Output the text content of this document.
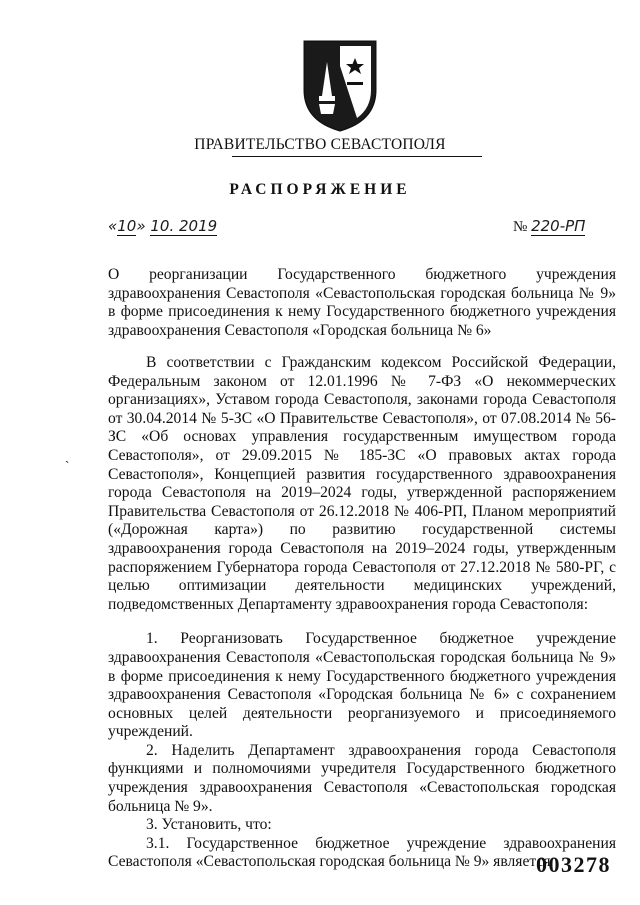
ПРАВИТЕЛЬСТВО СЕВАСТОПОЛЯ
РАСПОРЯЖЕНИЕ
«10» 10. 2019	№ 220-РП
О реорганизации Государственного бюджетного учреждения здравоохранения Севастополя «Севастопольская городская больница № 9» в форме присоединения к нему Государственного бюджетного учреждения здравоохранения Севастополя «Городская больница № 6»

В соответствии с Гражданским кодексом Российской Федерации, Федеральным законом от 12.01.1996 № 7-ФЗ «О некоммерческих организациях», Уставом города Севастополя, законами города Севастополя от 30.04.2014 № 5-ЗС «О Правительстве Севастополя», от 07.08.2014 № 56-ЗС «Об основах управления государственным имуществом города Севастополя», от 29.09.2015 № 185-ЗС «О правовых актах города Севастополя», Концепцией развития государственного здравоохранения города Севастополя на 2019–2024 годы, утвержденной распоряжением Правительства Севастополя от 26.12.2018 № 406-РП, Планом мероприятий («Дорожная карта») по развитию государственной системы здравоохранения города Севастополя на 2019–2024 годы, утвержденным распоряжением Губернатора города Севастополя от 27.12.2018 № 580-РГ, с целью оптимизации деятельности медицинских учреждений, подведомственных Департаменту здравоохранения города Севастополя:

1. Реорганизовать Государственное бюджетное учреждение здравоохранения Севастополя «Севастопольская городская больница № 9» в форме присоединения к нему Государственного бюджетного учреждения здравоохранения Севастополя «Городская больница № 6» с сохранением основных целей деятельности реорганизуемого и присоединяемого учреждений.

2. Наделить Департамент здравоохранения города Севастополя функциями и полномочиями учредителя Государственного бюджетного учреждения здравоохранения Севастополя «Севастопольская городская больница № 9».

3. Установить, что:

3.1. Государственное бюджетное учреждение здравоохранения Севастополя «Севастопольская городская больница № 9» является

`
003278
